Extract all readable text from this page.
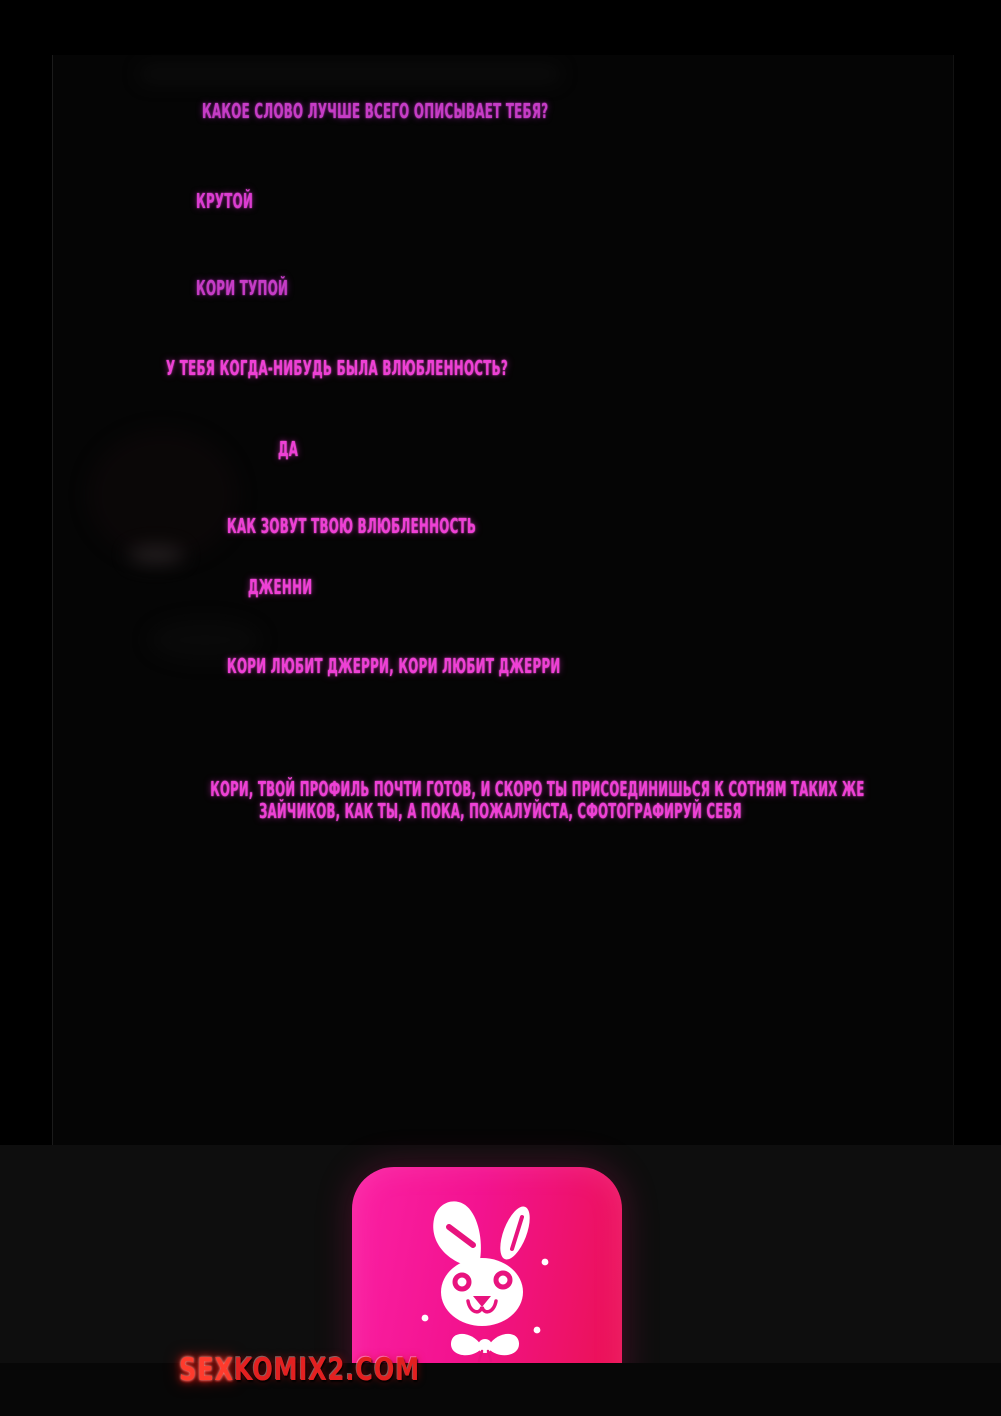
КАКОЕ СЛОВО ЛУЧШЕ ВСЕГО ОПИСЫВАЕТ ТЕБЯ?
КРУТОЙ
КОРИ ТУПОЙ
У ТЕБЯ КОГДА-НИБУДЬ БЫЛА ВЛЮБЛЕННОСТЬ?
ДА
КАК ЗОВУТ ТВОЮ ВЛЮБЛЕННОСТЬ
ДЖЕННИ
КОРИ ЛЮБИТ ДЖЕРРИ, КОРИ ЛЮБИТ ДЖЕРРИ
КОРИ, ТВОЙ ПРОФИЛЬ ПОЧТИ ГОТОВ, И СКОРО ТЫ ПРИСОЕДИНИШЬСЯ К СОТНЯМ ТАКИХ ЖЕ
ЗАЙЧИКОВ, КАК ТЫ, А ПОКА, ПОЖАЛУЙСТА, СФОТОГРАФИРУЙ СЕБЯ
SEXKOMIX2.COM
